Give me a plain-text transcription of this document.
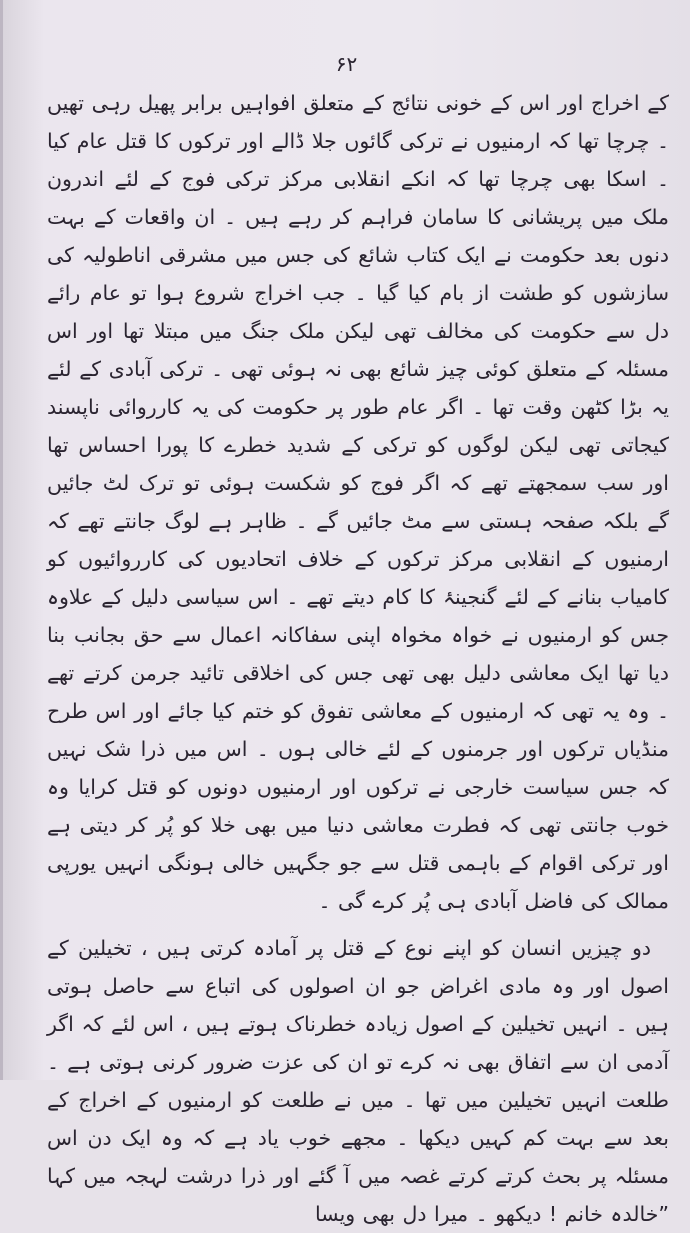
۶۲

کے اخراج اور اس کے خونی نتائج کے متعلق افواہیں برابر پھیل رہی تھیں ۔ چرچا تھا کہ ارمنیوں نے ترکی گائوں جلا ڈالے اور ترکوں کا قتل عام کیا ۔ اسکا بھی چرچا تھا کہ انکے انقلابی مرکز ترکی فوج کے لئے اندرون ملک میں پریشانی کا سامان فراہم کر رہے ہیں ۔ ان واقعات کے بہت دنوں بعد حکومت نے ایک کتاب شائع کی جس میں مشرقی اناطولیہ کی سازشوں کو طشت از بام کیا گیا ۔ جب اخراج شروع ہوا تو عام رائے دل سے حکومت کی مخالف تھی لیکن ملک جنگ میں مبتلا تھا اور اس مسئلہ کے متعلق کوئی چیز شائع بھی نہ ہوئی تھی ۔ ترکی آبادی کے لئے یہ بڑا کٹھن وقت تھا ۔ اگر عام طور پر حکومت کی یہ کارروائی ناپسند کیجاتی تھی لیکن لوگوں کو ترکی کے شدید خطرے کا پورا احساس تھا اور سب سمجھتے تھے کہ اگر فوج کو شکست ہوئی تو ترک لٹ جائیں گے بلکہ صفحہ ہستی سے مٹ جائیں گے ۔ ظاہر ہے لوگ جانتے تھے کہ ارمنیوں کے انقلابی مرکز ترکوں کے خلاف اتحادیوں کی کارروائیوں کو کامیاب بنانے کے لئے گنجینۂ کا کام دیتے تھے ۔ اس سیاسی دلیل کے علاوہ جس کو ارمنیوں نے خواہ مخواہ اپنی سفاکانہ اعمال سے حق بجانب بنا دیا تھا ایک معاشی دلیل بھی تھی جس کی اخلاقی تائید جرمن کرتے تھے ۔ وہ یہ تھی کہ ارمنیوں کے معاشی تفوق کو ختم کیا جائے اور اس طرح منڈیاں ترکوں اور جرمنوں کے لئے خالی ہوں ۔ اس میں ذرا شک نہیں کہ جس سیاست خارجی نے ترکوں اور ارمنیوں دونوں کو قتل کرایا وہ خوب جانتی تھی کہ فطرت معاشی دنیا میں بھی خلا کو پُر کر دیتی ہے اور ترکی اقوام کے باہمی قتل سے جو جگہیں خالی ہونگی انہیں یورپی ممالک کی فاضل آبادی ہی پُر کرے گی ۔

دو چیزیں انسان کو اپنے نوع کے قتل پر آمادہ کرتی ہیں ، تخیلین کے اصول اور وہ مادی اغراض جو ان اصولوں کی اتباع سے حاصل ہوتی ہیں ۔ انہیں تخیلین کے اصول زیادہ خطرناک ہوتے ہیں ، اس لئے کہ اگر آدمی ان سے اتفاق بھی نہ کرے تو ان کی عزت ضرور کرنی ہوتی ہے ۔ طلعت انہیں تخیلین میں تھا ۔ میں نے طلعت کو ارمنیوں کے اخراج کے بعد سے بہت کم کہیں دیکھا ۔ مجھے خوب یاد ہے کہ وہ ایک دن اس مسئلہ پر بحث کرتے کرتے غصہ میں آ گئے اور ذرا درشت لہجہ میں کہا ”خالدہ خانم ! دیکھو ۔ میرا دل بھی ویسا
